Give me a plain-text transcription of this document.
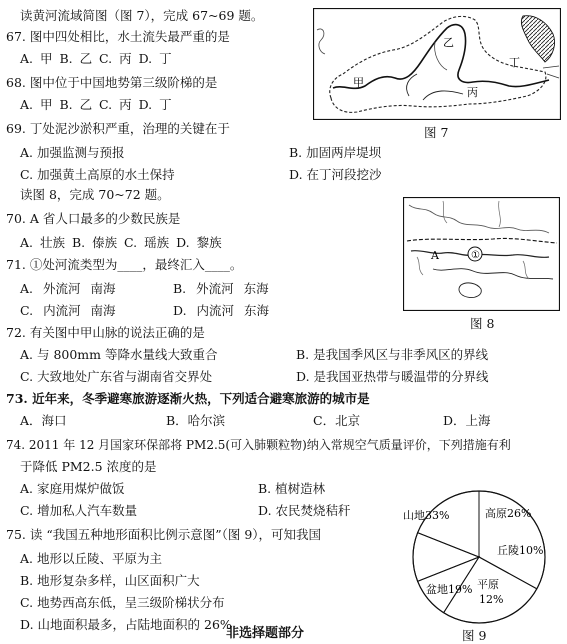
读黄河流域简图（图 7），完成 67~69 题。
67. 图中四处相比，水土流失最严重的是
A. 甲 B. 乙 C. 丙 D. 丁
68. 图中位于中国地势第三级阶梯的是
A. 甲 B. 乙 C. 丙 D. 丁
69. 丁处泥沙淤积严重，治理的关键在于
A. 加强监测与预报	B. 加固两岸堤坝
C. 加强黄土高原的水土保持	D. 在丁河段挖沙
读图 8，完成 70~72 题。
70. A 省人口最多的少数民族是
A. 壮族 B. 傣族 C. 瑶族 D. 黎族
71. ①处河流类型为____，最终汇入____。
A. 外流河 南海	B. 外流河 东海
C. 内流河 南海	D. 内流河 东海
72. 有关图中甲山脉的说法正确的是
A. 与 800mm 等降水量线大致重合	B. 是我国季风区与非季风区的界线
C. 大致地处广东省与湖南省交界处	D. 是我国亚热带与暖温带的分界线
73. 近年来，冬季避寒旅游逐渐火热，下列适合避寒旅游的城市是
A．海口	B．哈尔滨	C．北京	D．上海
74. 2011 年 12 月国家环保部将 PM2.5(可入肺颗粒物)纳入常规空气质量评价，下列措施有利
于降低 PM2.5 浓度的是
A. 家庭用煤炉做饭	B. 植树造林
C. 增加私人汽车数量	D. 农民焚烧秸秆
75. 读 “我国五种地形面积比例示意图”（图 9），可知我国
A. 地形以丘陵、平原为主
B. 地形复杂多样，山区面积广大
C. 地势西高东低，呈三级阶梯状分布
D. 山地面积最多，占陆地面积的 26%
非选择题部分
甲
乙
丙
丁
图 7
①
A
图 8
山地33%	高原26%
丘陵10%
平原
盆地19%
12%
图 9
